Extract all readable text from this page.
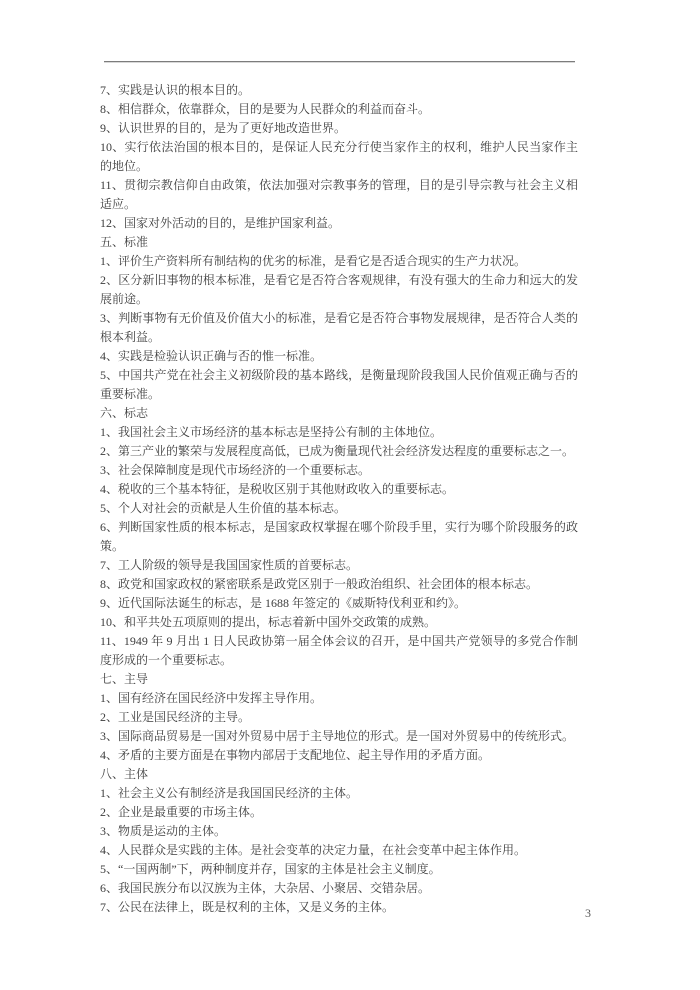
7、实践是认识的根本目的。
8、相信群众，依靠群众，目的是要为人民群众的利益而奋斗。
9、认识世界的目的，是为了更好地改造世界。
10、实行依法治国的根本目的，是保证人民充分行使当家作主的权利，维护人民当家作主的地位。
11、贯彻宗教信仰自由政策，依法加强对宗教事务的管理，目的是引导宗教与社会主义相适应。
12、国家对外活动的目的，是维护国家利益。
五、标准
1、评价生产资料所有制结构的优劣的标准，是看它是否适合现实的生产力状况。
2、区分新旧事物的根本标准，是看它是否符合客观规律，有没有强大的生命力和远大的发展前途。
3、判断事物有无价值及价值大小的标准，是看它是否符合事物发展规律，是否符合人类的根本利益。
4、实践是检验认识正确与否的惟一标准。
5、中国共产党在社会主义初级阶段的基本路线，是衡量现阶段我国人民价值观正确与否的重要标准。
六、标志
1、我国社会主义市场经济的基本标志是坚持公有制的主体地位。
2、第三产业的繁荣与发展程度高低，已成为衡量现代社会经济发达程度的重要标志之一。
3、社会保障制度是现代市场经济的一个重要标志。
4、税收的三个基本特征，是税收区别于其他财政收入的重要标志。
5、个人对社会的贡献是人生价值的基本标志。
6、判断国家性质的根本标志，是国家政权掌握在哪个阶段手里，实行为哪个阶段服务的政策。
7、工人阶级的领导是我国国家性质的首要标志。
8、政党和国家政权的紧密联系是政党区别于一般政治组织、社会团体的根本标志。
9、近代国际法诞生的标志，是 1688 年签定的《威斯特伐利亚和约》。
10、和平共处五项原则的提出，标志着新中国外交政策的成熟。
11、1949 年 9 月出 1 日人民政协第一届全体会议的召开，是中国共产党领导的多党合作制度形成的一个重要标志。
七、主导
1、国有经济在国民经济中发挥主导作用。
2、工业是国民经济的主导。
3、国际商品贸易是一国对外贸易中居于主导地位的形式。是一国对外贸易中的传统形式。
4、矛盾的主要方面是在事物内部居于支配地位、起主导作用的矛盾方面。
八、主体
1、社会主义公有制经济是我国国民经济的主体。
2、企业是最重要的市场主体。
3、物质是运动的主体。
4、人民群众是实践的主体。是社会变革的决定力量，在社会变革中起主体作用。
5、“一国两制”下，两种制度并存，国家的主体是社会主义制度。
6、我国民族分布以汉族为主体，大杂居、小聚居、交错杂居。
7、公民在法律上，既是权利的主体，又是义务的主体。	3
